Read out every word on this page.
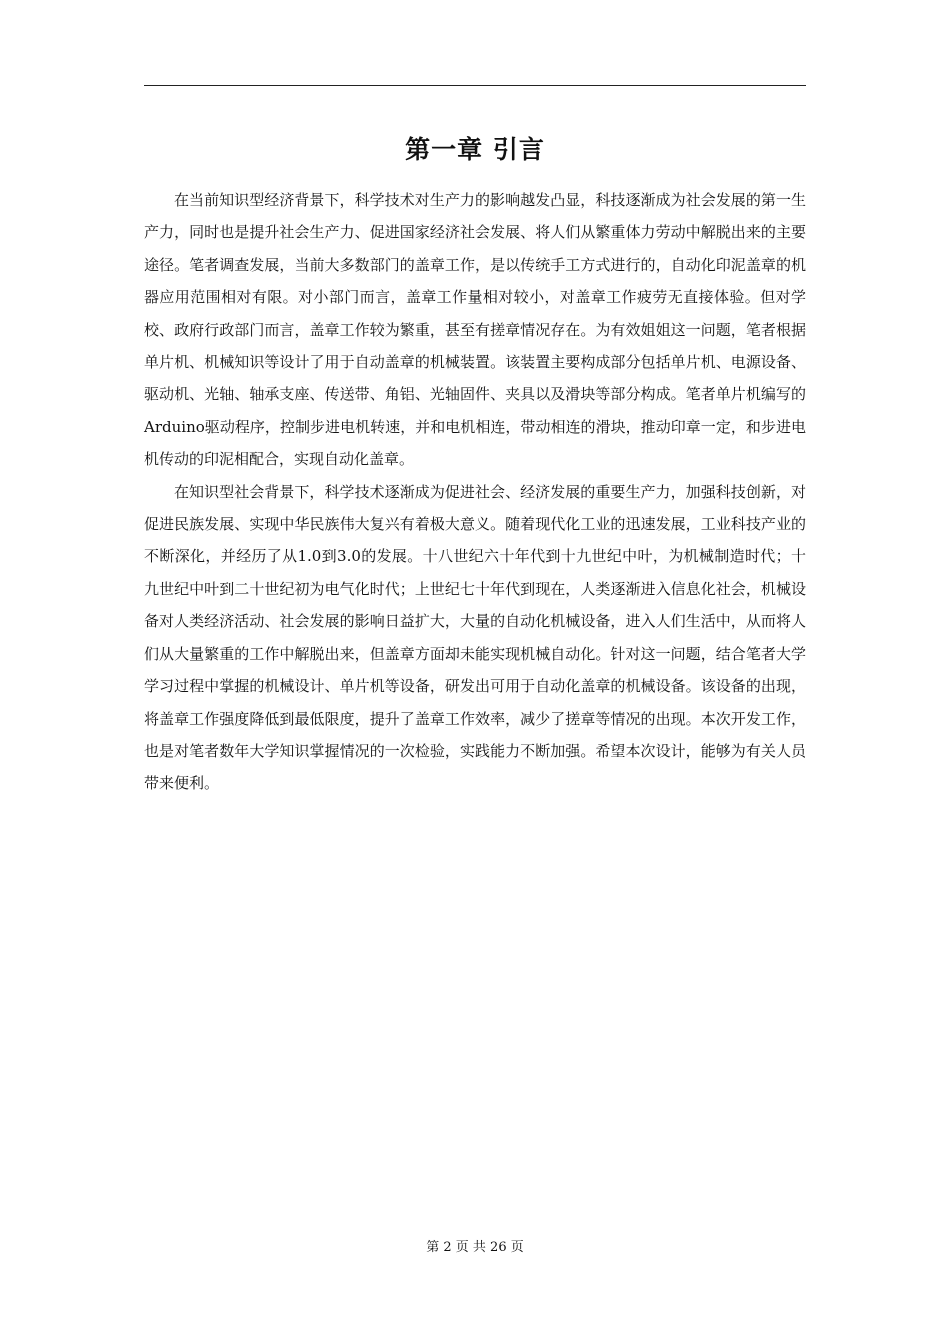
第一章 引言

在当前知识型经济背景下，科学技术对生产力的影响越发凸显，科技逐渐成为社会发展的第一生产力，同时也是提升社会生产力、促进国家经济社会发展、将人们从繁重体力劳动中解脱出来的主要途径。笔者调查发展，当前大多数部门的盖章工作，是以传统手工方式进行的，自动化印泥盖章的机器应用范围相对有限。对小部门而言，盖章工作量相对较小，对盖章工作疲劳无直接体验。但对学校、政府行政部门而言，盖章工作较为繁重，甚至有搓章情况存在。为有效姐姐这一问题，笔者根据单片机、机械知识等设计了用于自动盖章的机械装置。该装置主要构成部分包括单片机、电源设备、驱动机、光轴、轴承支座、传送带、角铝、光轴固件、夹具以及滑块等部分构成。笔者单片机编写的Arduino驱动程序，控制步进电机转速，并和电机相连，带动相连的滑块，推动印章一定，和步进电机传动的印泥相配合，实现自动化盖章。

在知识型社会背景下，科学技术逐渐成为促进社会、经济发展的重要生产力，加强科技创新，对促进民族发展、实现中华民族伟大复兴有着极大意义。随着现代化工业的迅速发展，工业科技产业的不断深化，并经历了从1.0到3.0的发展。十八世纪六十年代到十九世纪中叶，为机械制造时代；十九世纪中叶到二十世纪初为电气化时代；上世纪七十年代到现在，人类逐渐进入信息化社会，机械设备对人类经济活动、社会发展的影响日益扩大，大量的自动化机械设备，进入人们生活中，从而将人们从大量繁重的工作中解脱出来，但盖章方面却未能实现机械自动化。针对这一问题，结合笔者大学学习过程中掌握的机械设计、单片机等设备，研发出可用于自动化盖章的机械设备。该设备的出现，将盖章工作强度降低到最低限度，提升了盖章工作效率，减少了搓章等情况的出现。本次开发工作，也是对笔者数年大学知识掌握情况的一次检验，实践能力不断加强。希望本次设计，能够为有关人员带来便利。

第 2 页 共 26 页
